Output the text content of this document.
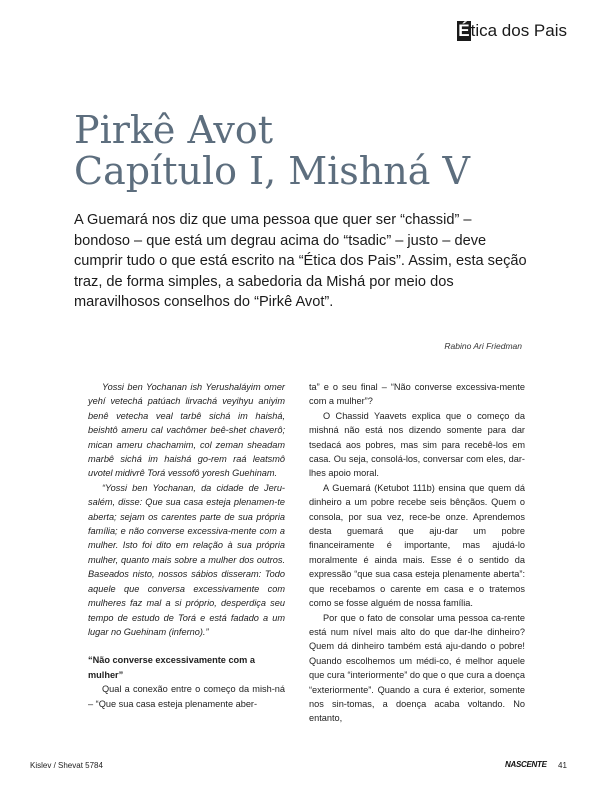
É tica dos Pais
Pirkê Avot
Capítulo I, Mishná V

A Guemará nos diz que uma pessoa que quer ser “chassid” – bondoso – que está um degrau acima do “tsadic” – justo – deve cumprir tudo o que está escrito na “Ética dos Pais”. Assim, esta seção traz, de forma simples, a sabedoria da Mishá por meio dos maravilhosos conselhos do “Pirkê Avot”.

Rabino Ari Friedman

Yossi ben Yochanan ish Yerushaláyim omer yehí vetechá patúach lirvachá veyihyu aniyim benê vetecha veal tarbê sichá im haishá, beishtô ameru cal vachômer beê-shet chaverô; mican ameru chachamim, col zeman sheadam marbê sichá im haishá go-rem raá leatsmô uvotel midivrê Torá vessofô yoresh Guehinam.

“Yossi ben Yochanan, da cidade de Jeru-salém, disse: Que sua casa esteja plenamen-te aberta; sejam os carentes parte de sua própria família; e não converse excessiva-mente com a mulher. Isto foi dito em relação à sua própria mulher, quanto mais sobre a mulher dos outros. Baseados nisto, nossos sábios disseram: Todo aquele que conversa excessivamente com mulheres faz mal a si próprio, desperdiça seu tempo de estudo de Torá e está fadado a um lugar no Guehinam (inferno).”

“Não converse excessivamente com a mulher”

Qual a conexão entre o começo da mish-ná – “Que sua casa esteja plenamente aber-

ta” e o seu final – “Não converse excessiva-mente com a mulher”?

O Chassid Yaavets explica que o começo da mishná não está nos dizendo somente para dar tsedacá aos pobres, mas sim para recebê-los em casa. Ou seja, consolá-los, conversar com eles, dar-lhes apoio moral.

A Guemará (Ketubot 111b) ensina que quem dá dinheiro a um pobre recebe seis bênçãos. Quem o consola, por sua vez, rece-be onze. Aprendemos desta guemará que aju-dar um pobre financeiramente é importante, mas ajudá-lo moralmente é ainda mais. Esse é o sentido da expressão “que sua casa esteja plenamente aberta”: que recebamos o carente em casa e o tratemos como se fosse alguém de nossa família.

Por que o fato de consolar uma pessoa ca-rente está num nível mais alto do que dar-lhe dinheiro? Quem dá dinheiro também está aju-dando o pobre! Quando escolhemos um médi-co, é melhor aquele que cura “interiormente” do que o que cura a doença “exteriormente”. Quando a cura é exterior, somente nos sin-tomas, a doença acaba voltando. No entanto,

Kislev / Shevat 5784	NASCENTE 41
